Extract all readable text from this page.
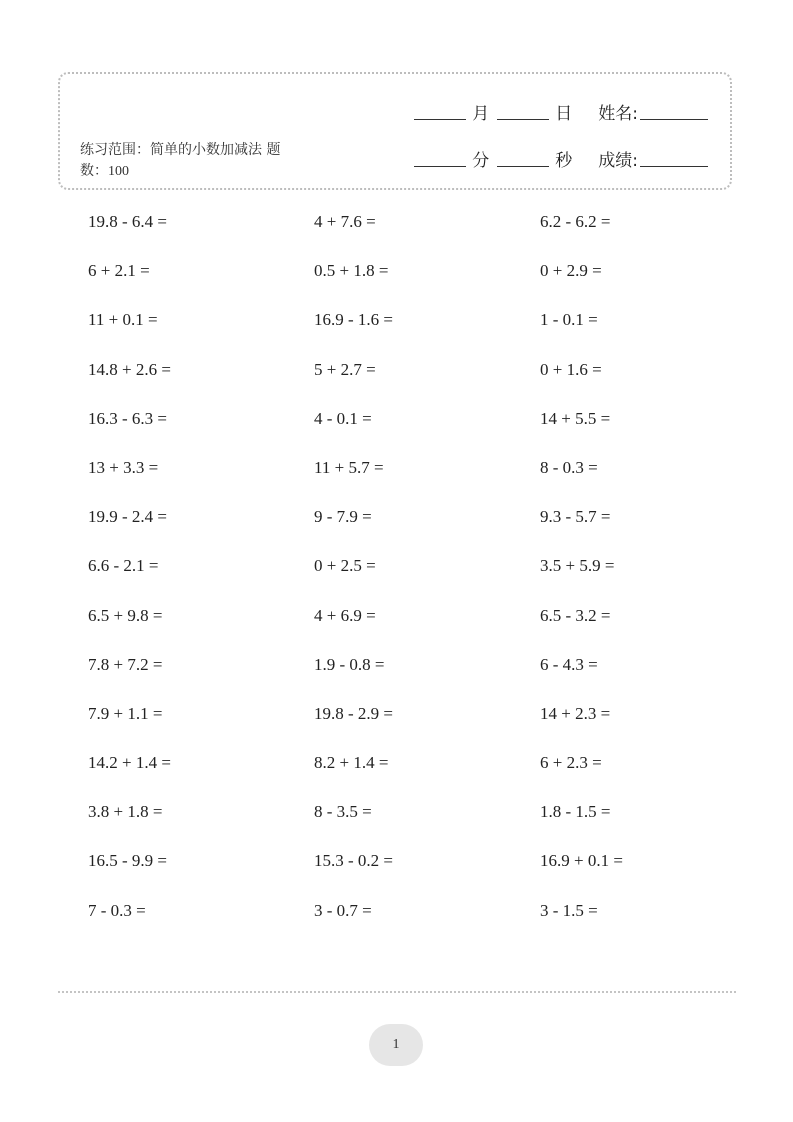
练习范围：简单的小数加减法 题数：100
月	日 姓名:
分	秒 成绩:
19.8 - 6.4 =	4 + 7.6 =	6.2 - 6.2 =
6 + 2.1 =	0.5 + 1.8 =	0 + 2.9 =
11 + 0.1 =	16.9 - 1.6 =	1 - 0.1 =
14.8 + 2.6 =	5 + 2.7 =	0 + 1.6 =
16.3 - 6.3 =	4 - 0.1 =	14 + 5.5 =
13 + 3.3 =	11 + 5.7 =	8 - 0.3 =
19.9 - 2.4 =	9 - 7.9 =	9.3 - 5.7 =
6.6 - 2.1 =	0 + 2.5 =	3.5 + 5.9 =
6.5 + 9.8 =	4 + 6.9 =	6.5 - 3.2 =
7.8 + 7.2 =	1.9 - 0.8 =	6 - 4.3 =
7.9 + 1.1 =	19.8 - 2.9 =	14 + 2.3 =
14.2 + 1.4 =	8.2 + 1.4 =	6 + 2.3 =
3.8 + 1.8 =	8 - 3.5 =	1.8 - 1.5 =
16.5 - 9.9 =	15.3 - 0.2 =	16.9 + 0.1 =
7 - 0.3 =	3 - 0.7 =	3 - 1.5 =
1
